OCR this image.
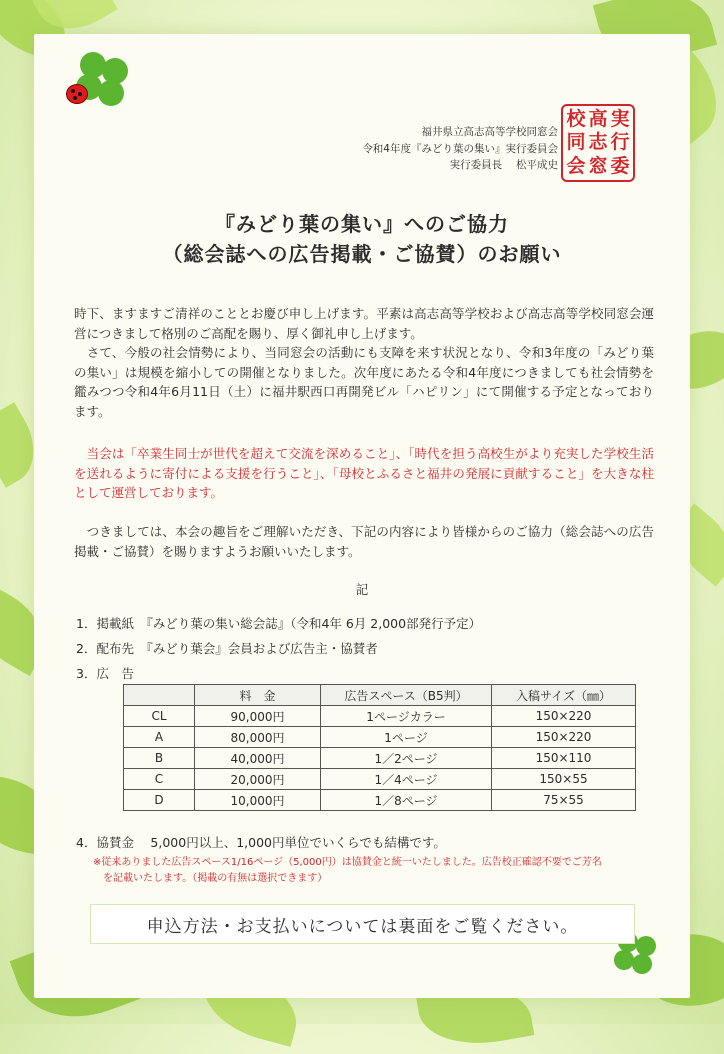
福井県立高志高等学校同窓会
令和4年度『みどり葉の集い』実行委員会
実行委員長　 松平成史
校 高 実
同 志 行
会 窓 委
『みどり葉の集い』へのご協力
（総会誌への広告掲載・ご協賛）のお願い
時下、ますますご清祥のこととお慶び申し上げます。平素は高志高等学校および高志高等学校同窓会運営につきまして格別のご高配を賜り、厚く御礼申し上げます。
　さて、今般の社会情勢により、当同窓会の活動にも支障を来す状況となり、令和3年度の「みどり葉の集い」は規模を縮小しての開催となりました。次年度にあたる令和4年度につきましても社会情勢を鑑みつつ令和4年6月11日（土）に福井駅西口再開発ビル「ハピリン」にて開催する予定となっております。
　当会は「卒業生同士が世代を超えて交流を深めること」、「時代を担う高校生がより充実した学校生活を送れるように寄付による支援を行うこと」、「母校とふるさと福井の発展に貢献すること」を大きな柱として運営しております。
　つきましては、本会の趣旨をご理解いただき、下記の内容により皆様からのご協力（総会誌への広告掲載・ご協賛）を賜りますようお願いいたします。
記
1．掲載紙　『みどり葉の集い総会誌』（令和4年 6月 2,000部発行予定）
2．配布先　『みどり葉会』会員および広告主・協賛者
3．広　告
	料　金	広告スペース（B5判）	入稿サイズ（㎜）
CL	90,000円	1ページカラー	150×220
A	80,000円	1ページ	150×220
B	40,000円	1／2ページ	150×110
C	20,000円	1／4ページ	150×55
D	10,000円	1／8ページ	75×55
4．協賛金　 5,000円以上、1,000円単位でいくらでも結構です。
※従来ありました広告スペース1/16ページ（5,000円）は協賛金と統一いたしました。広告校正確認不要でご芳名
を記載いたします。（掲載の有無は選択できます）
申込方法・お支払いについては裏面をご覧ください。
